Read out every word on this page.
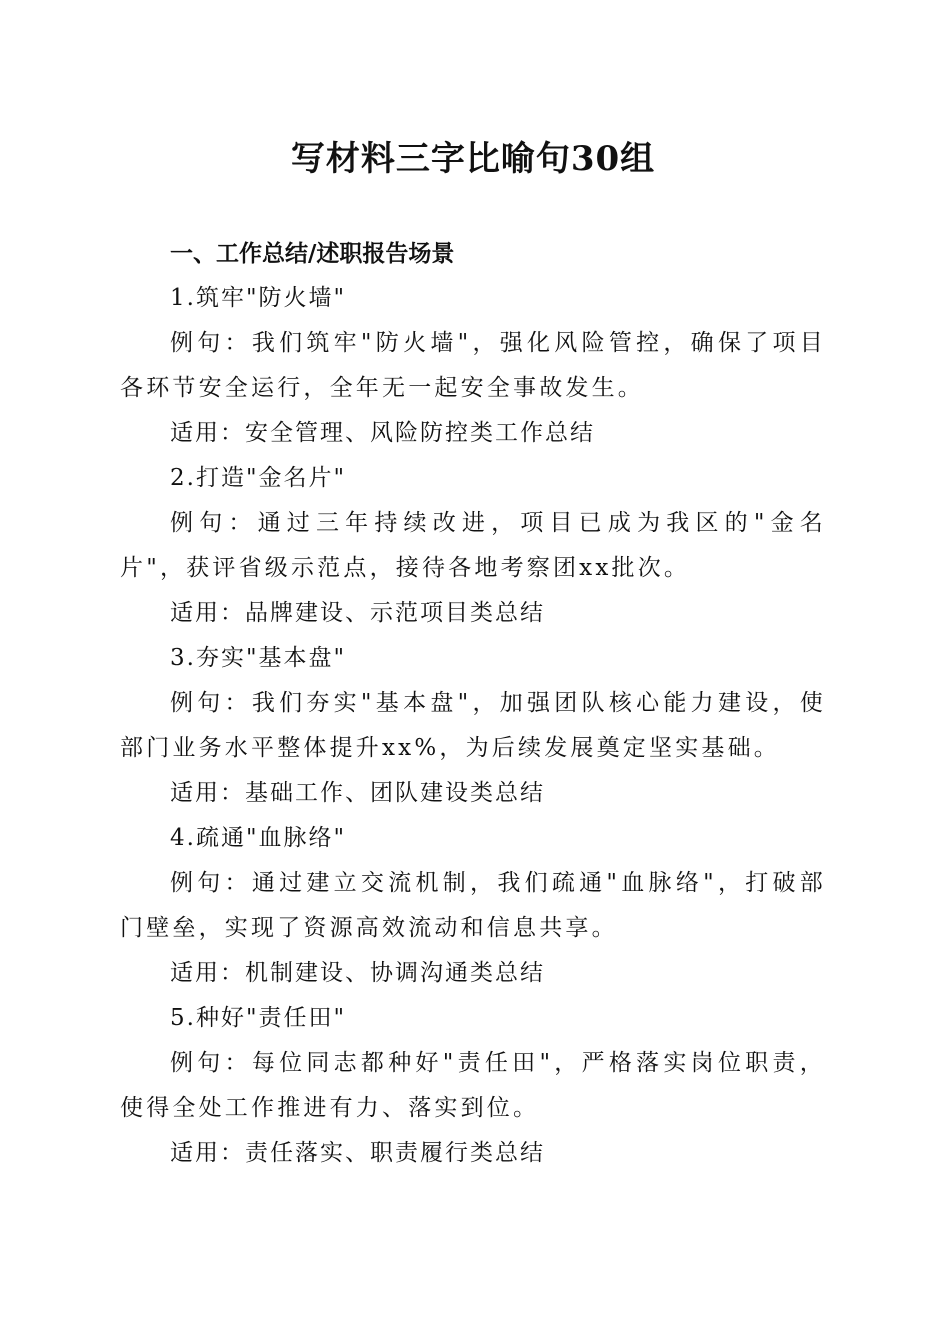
写材料三字比喻句30组
一、工作总结/述职报告场景

1.筑牢"防火墙"

例句：我们筑牢"防火墙"，强化风险管控，确保了项目各环节安全运行，全年无一起安全事故发生。

适用：安全管理、风险防控类工作总结

2.打造"金名片"

例句：通过三年持续改进，项目已成为我区的"金名片"，获评省级示范点，接待各地考察团xx批次。

适用：品牌建设、示范项目类总结

3.夯实"基本盘"

例句：我们夯实"基本盘"，加强团队核心能力建设，使部门业务水平整体提升xx%，为后续发展奠定坚实基础。

适用：基础工作、团队建设类总结

4.疏通"血脉络"

例句：通过建立交流机制，我们疏通"血脉络"，打破部门壁垒，实现了资源高效流动和信息共享。

适用：机制建设、协调沟通类总结

5.种好"责任田"

例句：每位同志都种好"责任田"，严格落实岗位职责，使得全处工作推进有力、落实到位。

适用：责任落实、职责履行类总结
